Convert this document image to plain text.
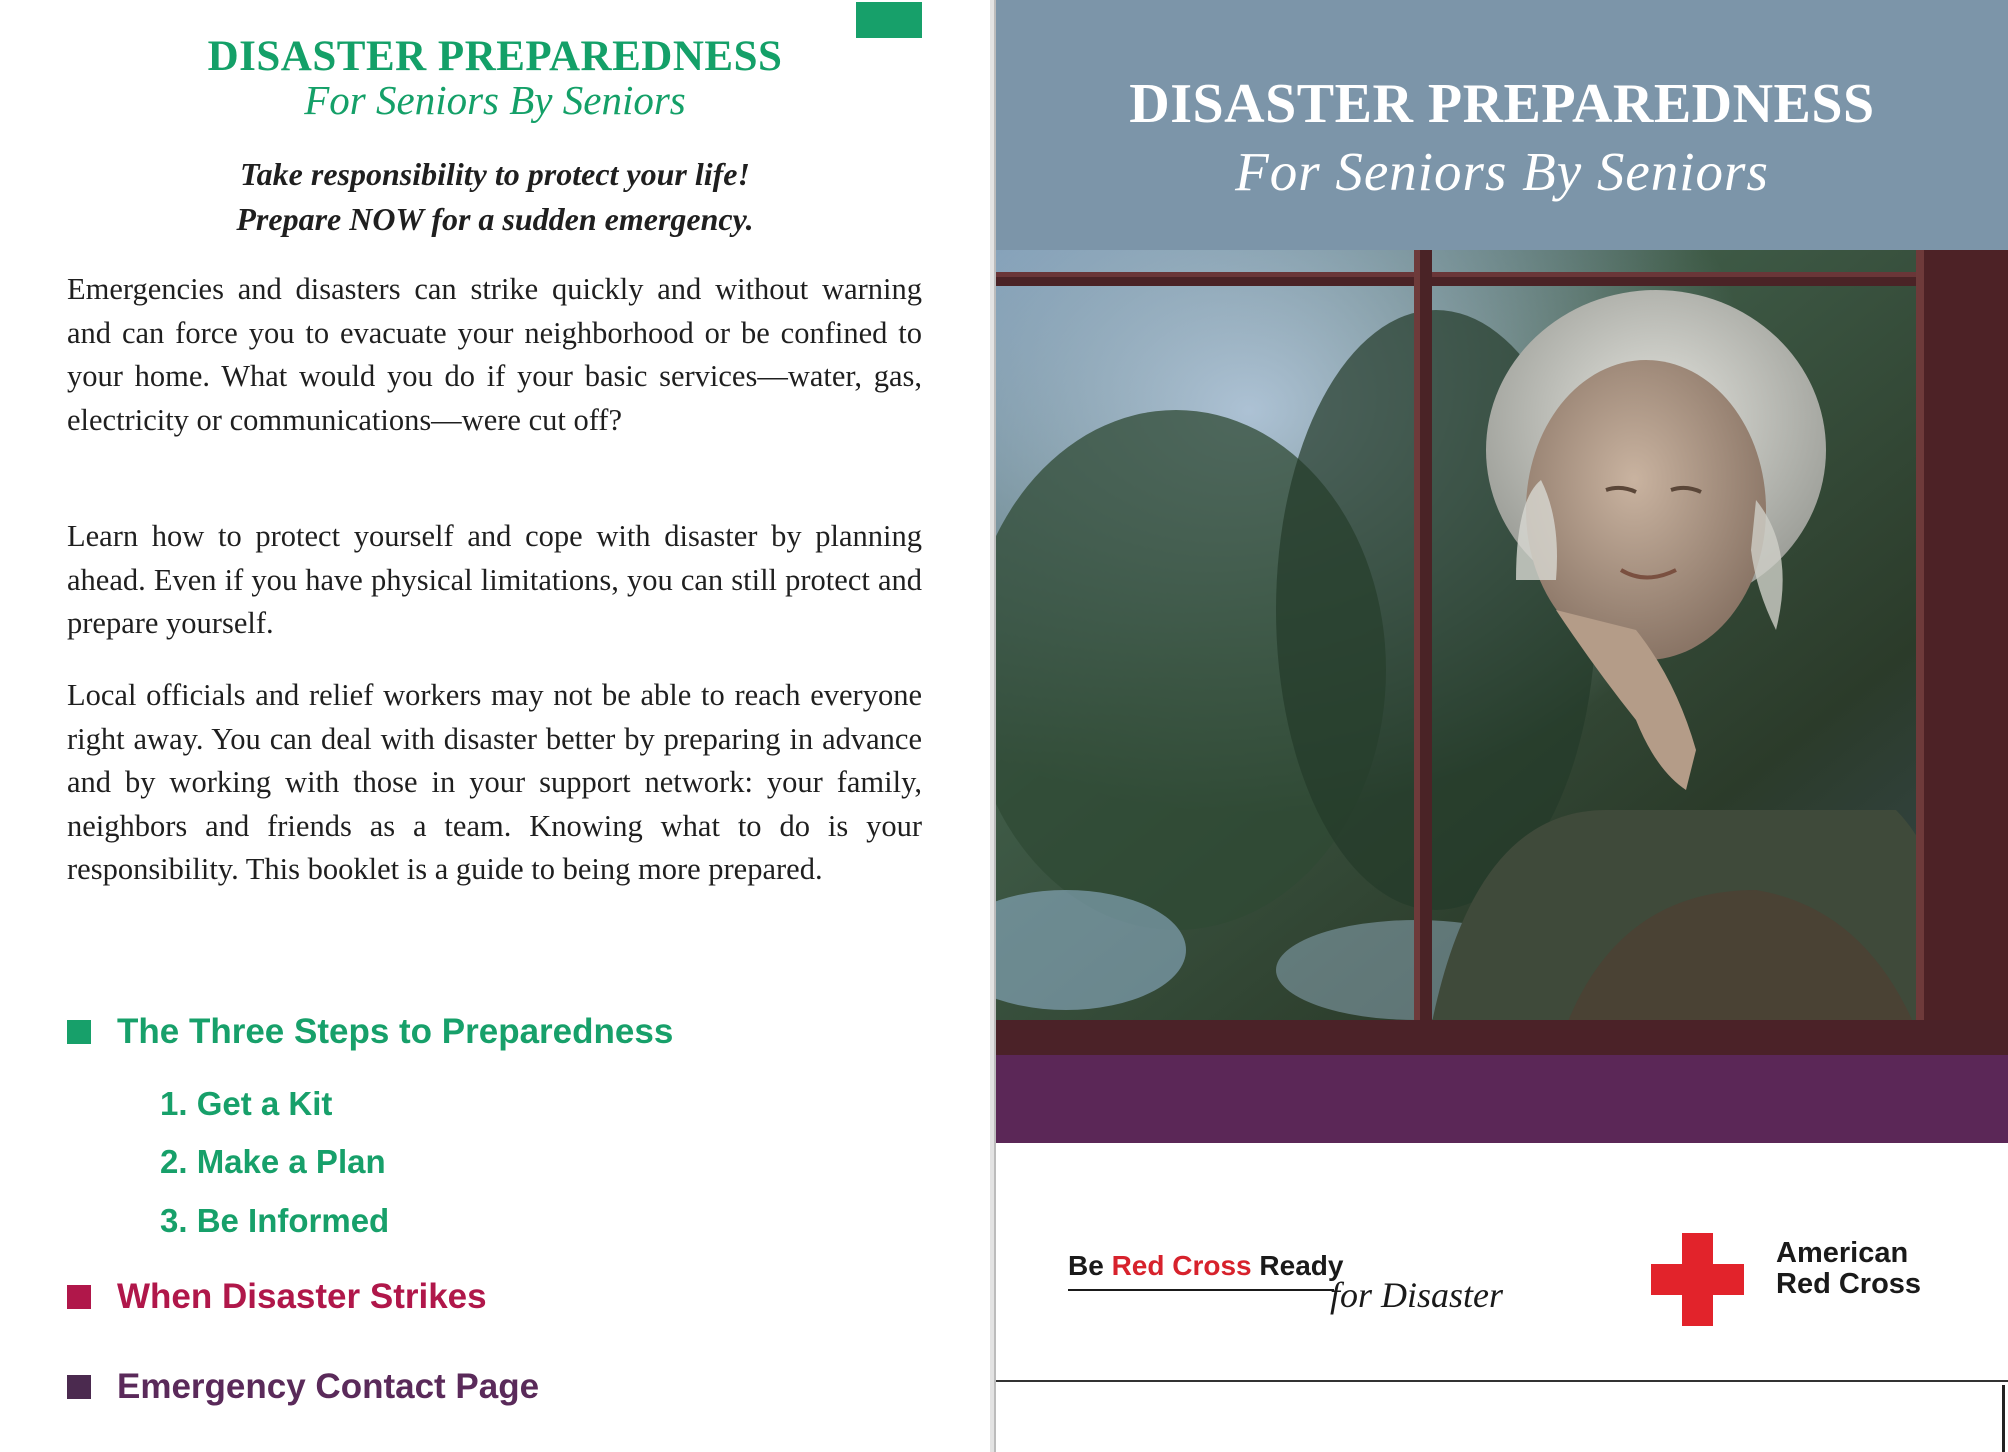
DISASTER PREPAREDNESS
For Seniors By Seniors
Take responsibility to protect your life!
Prepare NOW for a sudden emergency.

Emergencies and disasters can strike quickly and without warning and can force you to evacuate your neighborhood or be confined to your home. What would you do if your basic services—water, gas, electricity or communications—were cut off?

Learn how to protect yourself and cope with disaster by planning ahead. Even if you have physical limitations, you can still protect and prepare yourself.

Local officials and relief workers may not be able to reach everyone right away. You can deal with disaster better by preparing in advance and by working with those in your support network: your family, neighbors and friends as a team. Knowing what to do is your responsibility. This booklet is a guide to being more prepared.

The Three Steps to Preparedness
1. Get a Kit
2. Make a Plan
3. Be Informed
When Disaster Strikes
Emergency Contact Page
DISASTER PREPAREDNESS
For Seniors By Seniors
Be Red Cross Ready
for Disaster
American
Red Cross
